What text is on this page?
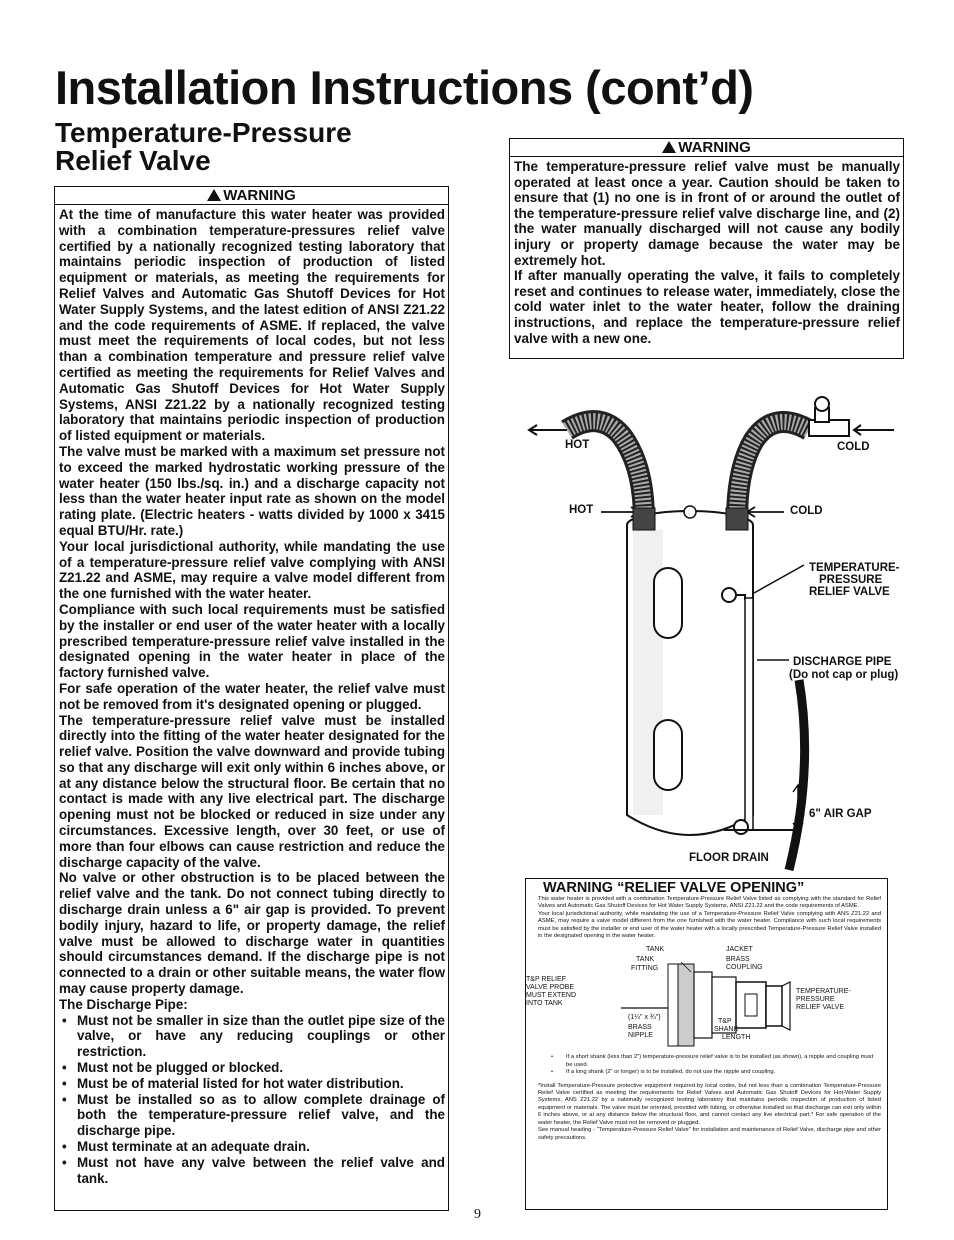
Installation Instructions (cont’d)
Temperature-Pressure
Relief Valve
WARNING

At the time of manufacture this water heater was provided with a combination temperature-pressures relief valve certified by a nationally recognized testing laboratory that maintains periodic inspection of production of listed equipment or materials, as meeting the requirements for Relief Valves and Automatic Gas Shutoff Devices for Hot Water Supply Systems, and the latest edition of ANSI Z21.22 and the code requirements of ASME. If replaced, the valve must meet the requirements of local codes, but not less than a combination temperature and pressure relief valve certified as meeting the requirements for Relief Valves and Automatic Gas Shutoff Devices for Hot Water Supply Systems, ANSI Z21.22 by a nationally recognized testing laboratory that maintains periodic inspection of production of listed equipment or materials.

The valve must be marked with a maximum set pressure not to exceed the marked hydrostatic working pressure of the water heater (150 lbs./sq. in.) and a discharge capacity not less than the water heater input rate as shown on the model rating plate. (Electric heaters - watts divided by 1000 x 3415 equal BTU/Hr. rate.)

Your local jurisdictional authority, while mandating the use of a temperature-pressure relief valve complying with ANSI Z21.22 and ASME, may require a valve model different from the one furnished with the water heater.

Compliance with such local requirements must be satisfied by the installer or end user of the water heater with a locally prescribed temperature-pressure relief valve installed in the designated opening in the water heater in place of the factory furnished valve.

For safe operation of the water heater, the relief valve must not be removed from it's designated opening or plugged.

The temperature-pressure relief valve must be installed directly into the fitting of the water heater designated for the relief valve. Position the valve downward and provide tubing so that any discharge will exit only within 6 inches above, or at any distance below the structural floor. Be certain that no contact is made with any live electrical part. The discharge opening must not be blocked or reduced in size under any circumstances. Excessive length, over 30 feet, or use of more than four elbows can cause restriction and reduce the discharge capacity of the valve.

No valve or other obstruction is to be placed between the relief valve and the tank. Do not connect tubing directly to discharge drain unless a 6" air gap is provided. To prevent bodily injury, hazard to life, or property damage, the relief valve must be allowed to discharge water in quantities should circumstances demand. If the discharge pipe is not connected to a drain or other suitable means, the water flow may cause property damage.

The Discharge Pipe:

• Must not be smaller in size than the outlet pipe size of the valve, or have any reducing couplings or other restriction.
• Must not be plugged or blocked.
• Must be of material listed for hot water distribution.
• Must be installed so as to allow complete drainage of both the temperature-pressure relief valve, and the discharge pipe.
• Must terminate at an adequate drain.
• Must not have any valve between the relief valve and tank.
WARNING

The temperature-pressure relief valve must be manually operated at least once a year. Caution should be taken to ensure that (1) no one is in front of or around the outlet of the temperature-pressure relief valve discharge line, and (2) the water manually discharged will not cause any bodily injury or property damage because the water may be extremely hot.

If after manually operating the valve, it fails to completely reset and continues to release water, immediately, close the cold water inlet to the water heater, follow the draining instructions, and replace the temperature-pressure relief valve with a new one.

HOT	COLD
HOT	COLD
TEMPERATURE-
PRESSURE
RELIEF VALVE
DISCHARGE PIPE
(Do not cap or plug)
6" AIR GAP
FLOOR DRAIN
WARNING “RELIEF VALVE OPENING”

This water heater is provided with a combination Temperature-Pressure Relief Valve listed as complying with the standard for Relief Valves and Automatic Gas Shutoff Devices for Hot Water Supply Systems, ANSI Z21.22 and the code requirements of ASME.

Your local jurisdictional authority, while mandating the use of a Temperature-Pressure Relief Valve complying with ANS Z21.22 and ASME, may require a valve model different from the one furnished with the water heater. Compliance with such local requirements must be satisfied by the installer or end user of the water heater with a locally prescribed Temperature-Pressure Relief Valve installed in the designated opening in the water heater.

TANK
TANK
FITTING
JACKET
BRASS
COUPLING
T&P RELIEF
VALVE PROBE
MUST EXTEND
INTO TANK
TEMPERATURE-
PRESSURE
RELIEF VALVE
(1¼" x ¾")
BRASS
NIPPLE
T&P
SHANK
LENGTH
• If a short shank (less than 2") temperature-pressure relief valve is to be installed (as shown), a nipple and coupling must be used.
• If a long shank (2" or longer) is to be installed, do not use the nipple and coupling.

*Install Temperature-Pressure protective equipment required by local codes, but not less than a combination Temperature-Pressure Relief Valve certified as meeting the requirements for Relief Valves and Automatic Gas Shutoff Devices for Hot-Water Supply Systems, ANS Z21.22 by a nationally recognized testing laboratory that maintains periodic inspection of production of listed equipment or materials. The valve must be oriented, provided with tubing, or otherwise installed so that discharge can exit only within 6 inches above, or at any distance below the structural floor, and cannot contact any live electrical part.* For safe operation of the water heater, the Relief Valve must not be removed or plugged.

See manual heading - "Temperature-Pressure Relief Valve" for installation and maintenance of Relief Valve, discharge pipe and other safety precautions.

9
